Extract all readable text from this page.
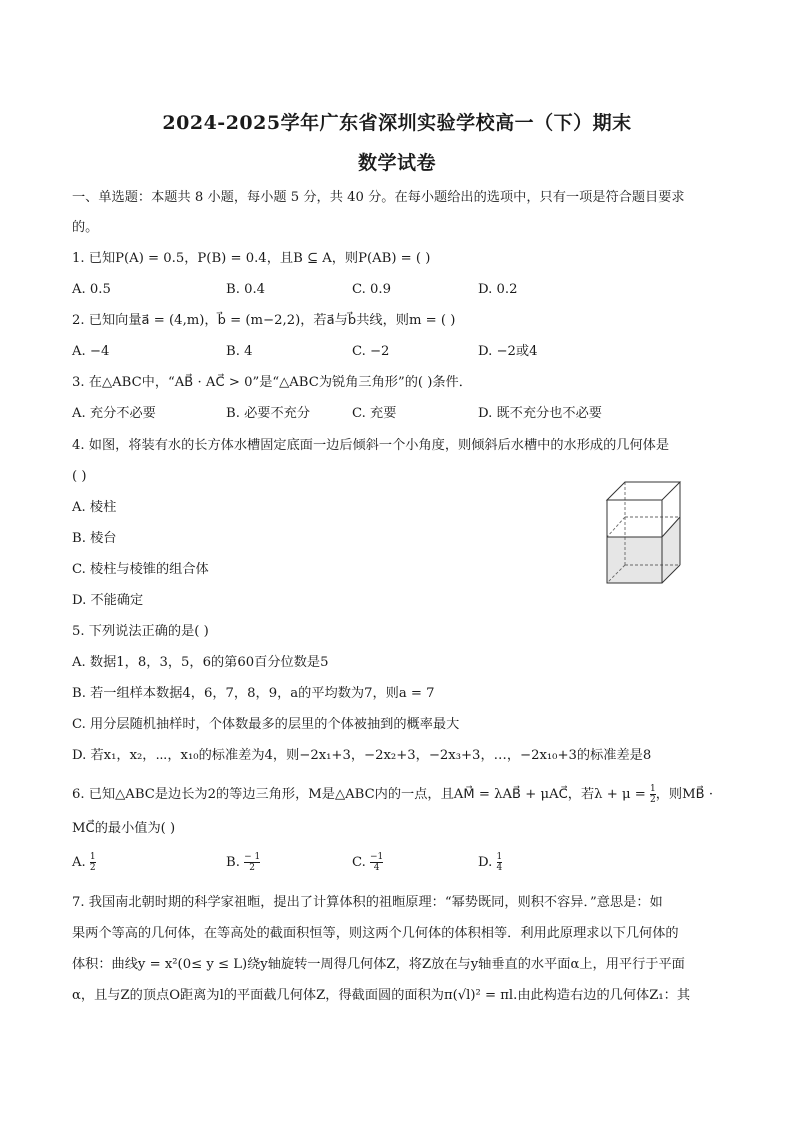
2024-2025学年广东省深圳实验学校高一（下）期末
数学试卷
一、单选题：本题共 8 小题，每小题 5 分，共 40 分。在每小题给出的选项中，只有一项是符合题目要求
的。
1. 已知P(A) = 0.5，P(B) = 0.4，且B ⊆ A，则P(AB) = ( )
A. 0.5	B. 0.4	C. 0.9	D. 0.2
2. 已知向量a⃗ = (4,m)，b⃗ = (m−2,2)，若a⃗与b⃗共线，则m = ( )
A. −4	B. 4	C. −2	D. −2或4
3. 在△ABC中，“AB⃗ · AC⃗ > 0”是“△ABC为锐角三角形”的( )条件．
A. 充分不必要	B. 必要不充分	C. 充要	D. 既不充分也不必要
4. 如图，将装有水的长方体水槽固定底面一边后倾斜一个小角度，则倾斜后水槽中的水形成的几何体是
( )
A. 棱柱
B. 棱台
C. 棱柱与棱锥的组合体
D. 不能确定
5. 下列说法正确的是( )
A. 数据1，8，3，5，6的第60百分位数是5
B. 若一组样本数据4，6，7，8，9，a的平均数为7，则a = 7
C. 用分层随机抽样时，个体数最多的层里的个体被抽到的概率最大
D. 若x₁，x₂，⋯，x₁₀的标准差为4，则−2x₁+3，−2x₂+3，−2x₃+3，…，−2x₁₀+3的标准差是8
6. 已知△ABC是边长为2的等边三角形，M是△ABC内的一点，且AM⃗ = λAB⃗ + μAC⃗，若$\lambda + \mu = \frac{1}{2}$ ，则MB⃗ ·
MC⃗的最小值为( )
A. $\frac{1}{2}$	B. $\frac{- 1}{2}$	C. $\frac{-1}{4}$	D. $\frac{1}{4}$
7. 我国南北朝时期的科学家祖暅，提出了计算体积的祖暅原理：“幂势既同，则积不容异．”意思是：如
果两个等高的几何体，在等高处的截面积恒等，则这两个几何体的体积相等．利用此原理求以下几何体的
体积：曲线y = x²(0≤ y ≤ L)绕y轴旋转一周得几何体Z，将Z放在与y轴垂直的水平面α上，用平行于平面
α，且与Z的顶点O距离为l的平面截几何体Z，得截面圆的面积为π(√l)² = πl.由此构造右边的几何体Z₁：其
